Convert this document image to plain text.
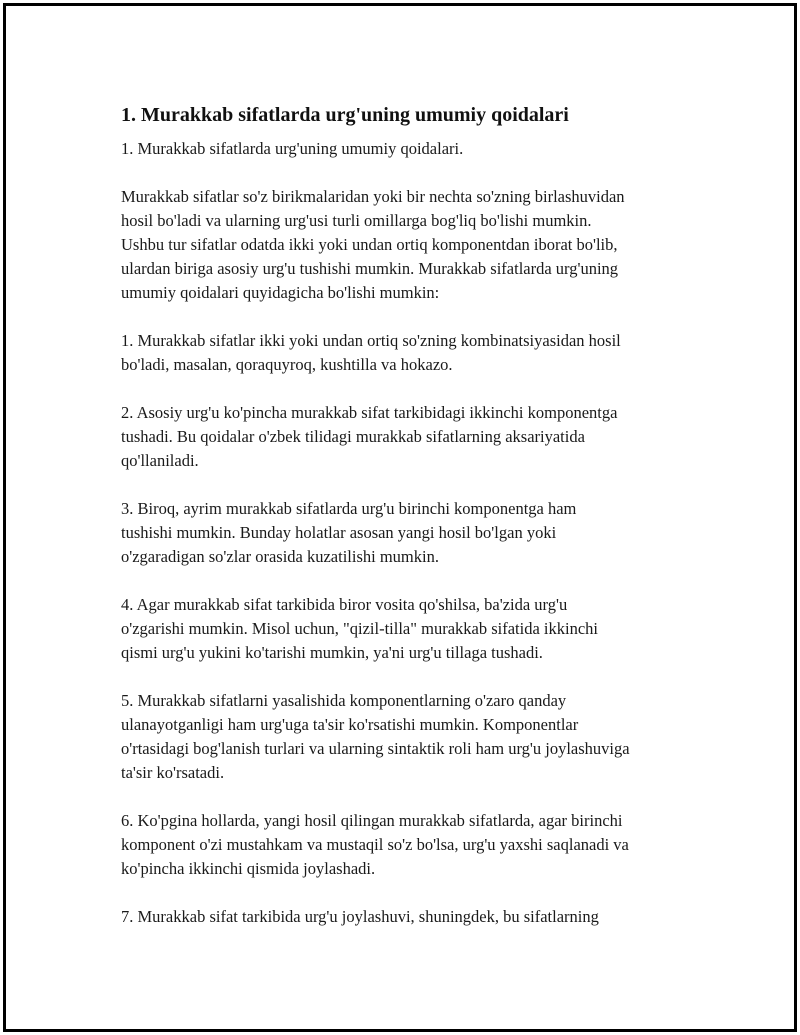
1. Murakkab sifatlarda urg'uning umumiy qoidalari

1. Murakkab sifatlarda urg'uning umumiy qoidalari.

Murakkab sifatlar so'z birikmalaridan yoki bir nechta so'zning birlashuvidan
hosil bo'ladi va ularning urg'usi turli omillarga bog'liq bo'lishi mumkin.
Ushbu tur sifatlar odatda ikki yoki undan ortiq komponentdan iborat bo'lib,
ulardan biriga asosiy urg'u tushishi mumkin. Murakkab sifatlarda urg'uning
umumiy qoidalari quyidagicha bo'lishi mumkin:

1. Murakkab sifatlar ikki yoki undan ortiq so'zning kombinatsiyasidan hosil
bo'ladi, masalan, qoraquyroq, kushtilla va hokazo.

2. Asosiy urg'u ko'pincha murakkab sifat tarkibidagi ikkinchi komponentga
tushadi. Bu qoidalar o'zbek tilidagi murakkab sifatlarning aksariyatida
qo'llaniladi.

3. Biroq, ayrim murakkab sifatlarda urg'u birinchi komponentga ham
tushishi mumkin. Bunday holatlar asosan yangi hosil bo'lgan yoki
o'zgaradigan so'zlar orasida kuzatilishi mumkin.

4. Agar murakkab sifat tarkibida biror vosita qo'shilsa, ba'zida urg'u
o'zgarishi mumkin. Misol uchun, "qizil-tilla" murakkab sifatida ikkinchi
qismi urg'u yukini ko'tarishi mumkin, ya'ni urg'u tillaga tushadi.

5. Murakkab sifatlarni yasalishida komponentlarning o'zaro qanday
ulanayotganligi ham urg'uga ta'sir ko'rsatishi mumkin. Komponentlar
o'rtasidagi bog'lanish turlari va ularning sintaktik roli ham urg'u joylashuviga
ta'sir ko'rsatadi.

6. Ko'pgina hollarda, yangi hosil qilingan murakkab sifatlarda, agar birinchi
komponent o'zi mustahkam va mustaqil so'z bo'lsa, urg'u yaxshi saqlanadi va
ko'pincha ikkinchi qismida joylashadi.

7. Murakkab sifat tarkibida urg'u joylashuvi, shuningdek, bu sifatlarning
